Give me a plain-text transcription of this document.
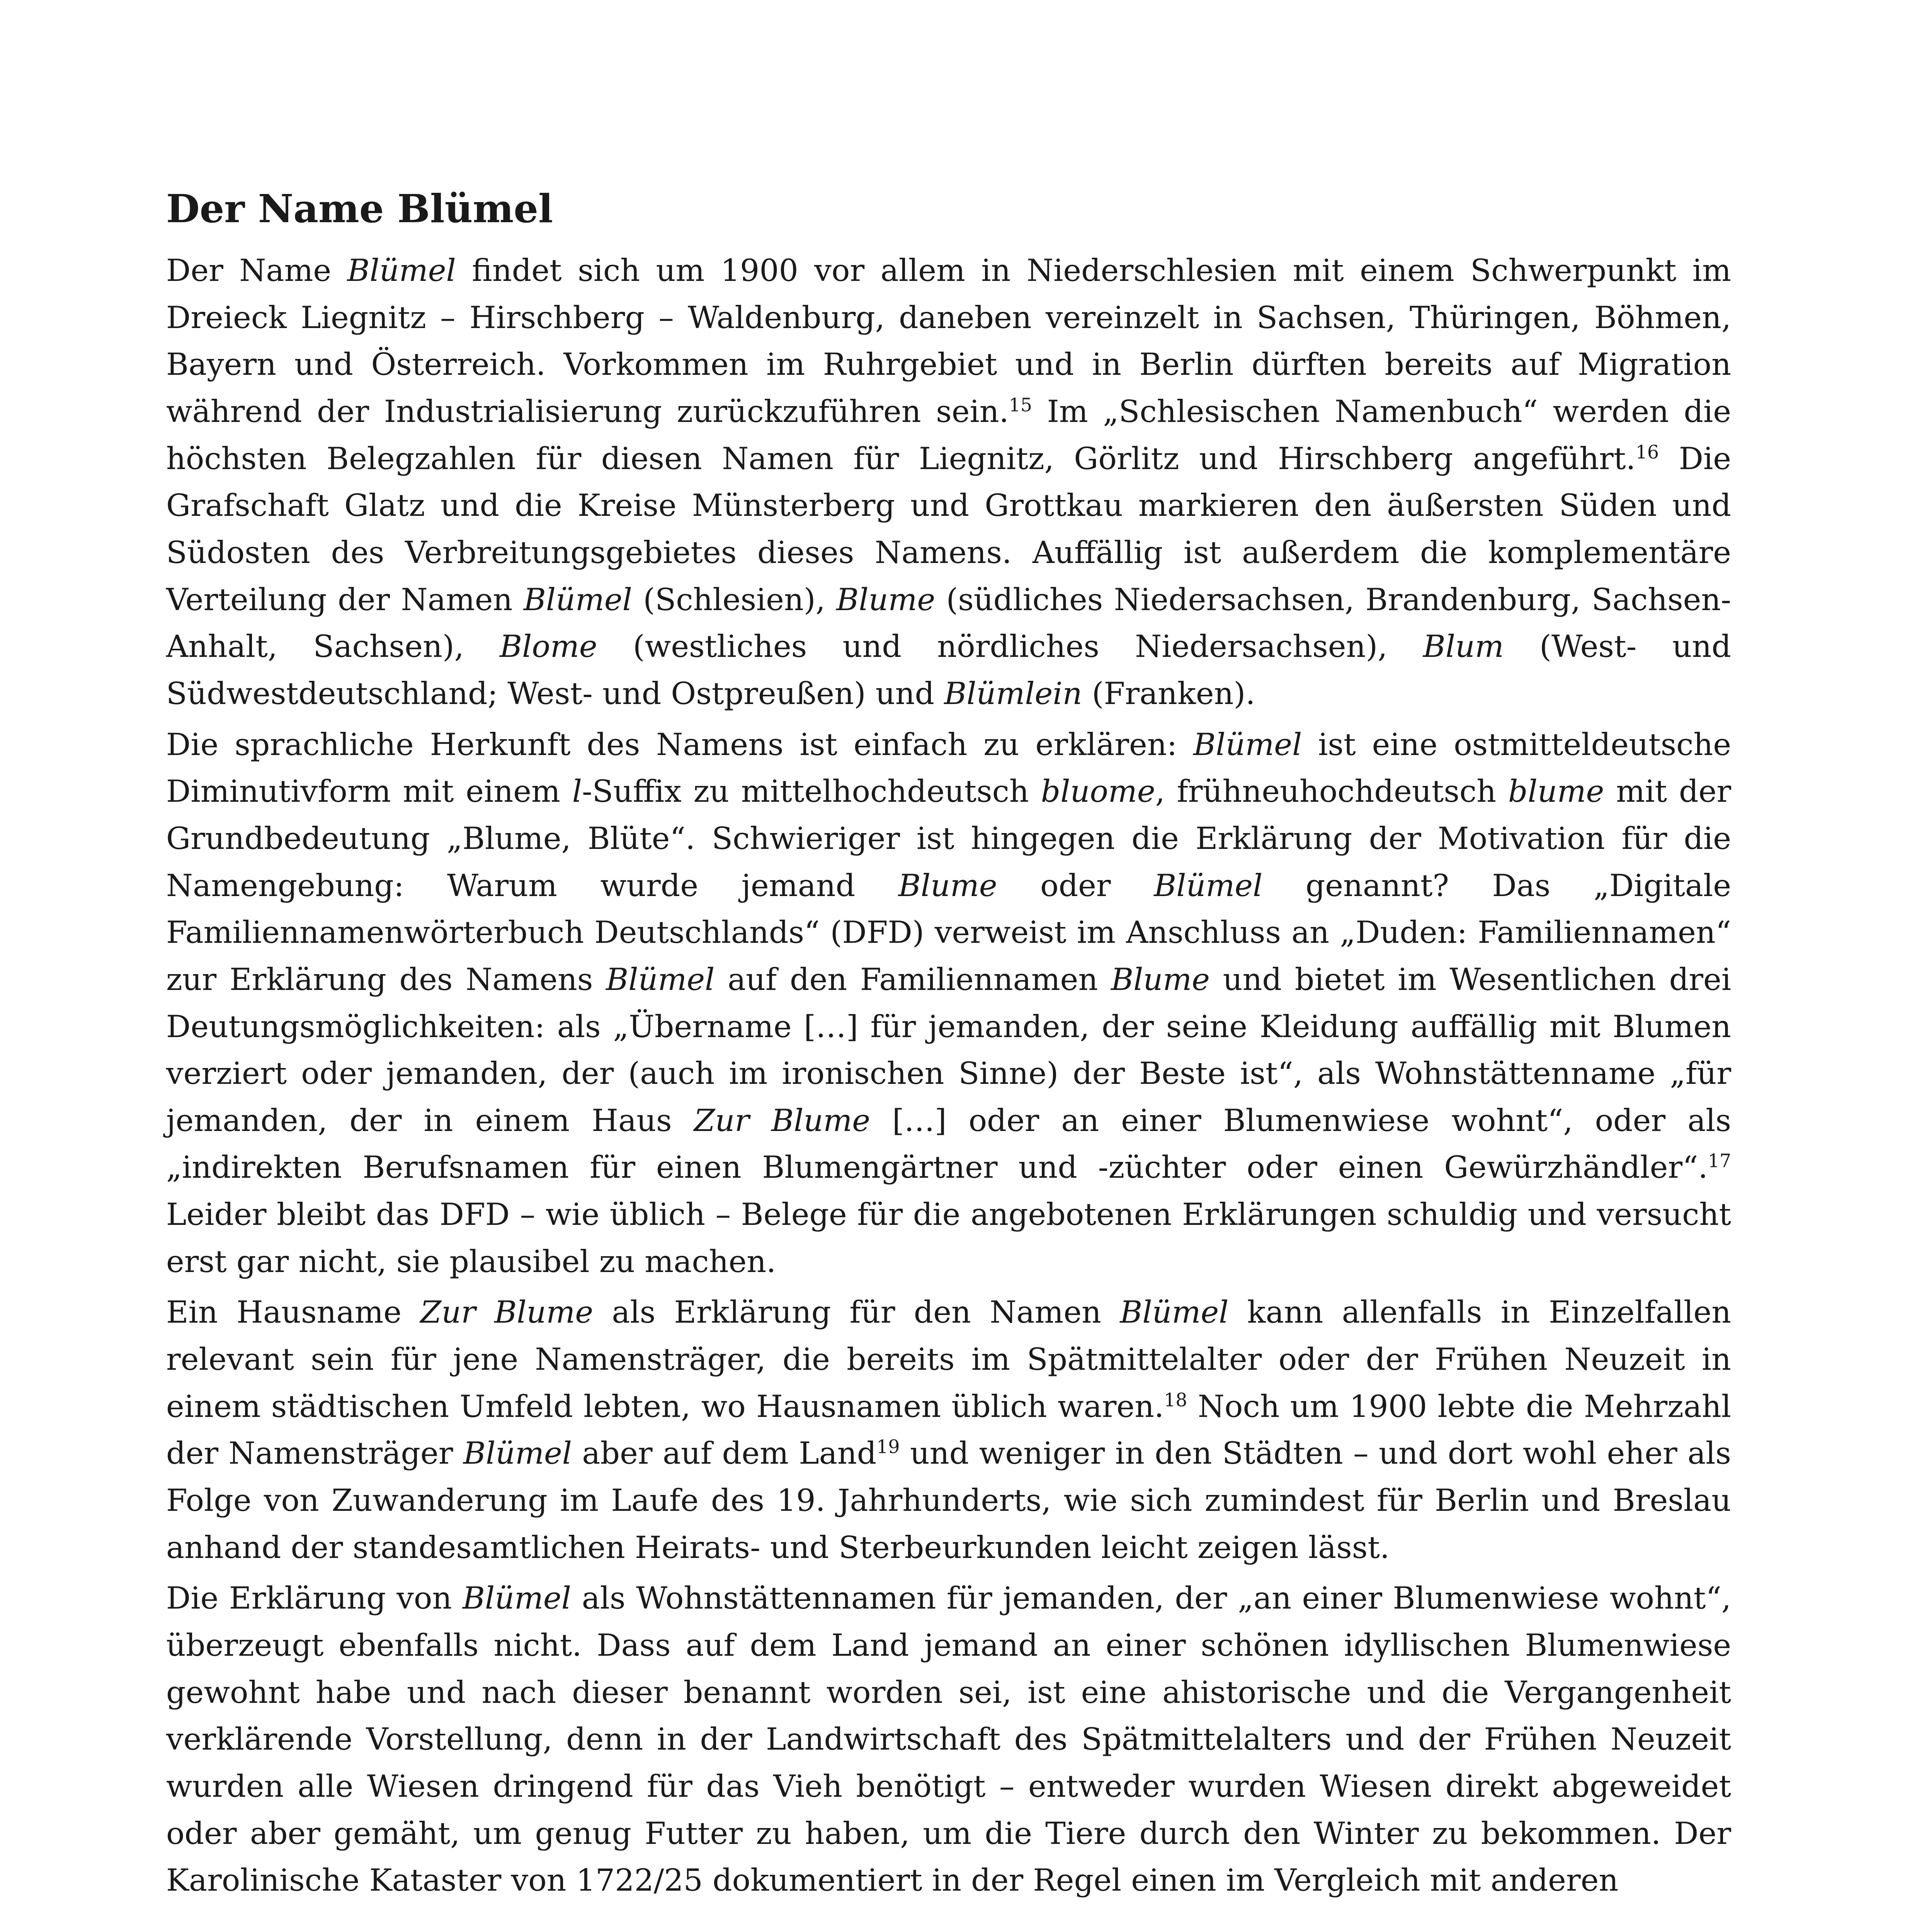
Der Name Blümel

Der Name Blümel findet sich um 1900 vor allem in Niederschlesien mit einem Schwerpunkt im Dreieck Liegnitz – Hirschberg – Waldenburg, daneben vereinzelt in Sachsen, Thüringen, Böhmen, Bayern und Österreich. Vorkommen im Ruhrgebiet und in Berlin dürften bereits auf Migration während der Industrialisierung zurückzuführen sein.$^{15}$ Im „Schlesischen Namenbuch“ werden die höchsten Belegzahlen für diesen Namen für Liegnitz, Görlitz und Hirschberg angeführt.$^{16}$ Die Grafschaft Glatz und die Kreise Münsterberg und Grottkau markieren den äußersten Süden und Südosten des Verbreitungsgebietes dieses Namens. Auffällig ist außerdem die komplementäre Verteilung der Namen Blümel (Schlesien), Blume (südliches Niedersachsen, Brandenburg, Sachsen-Anhalt, Sachsen), Blome (westliches und nördliches Niedersachsen), Blum (West- und Südwestdeutschland; West- und Ostpreußen) und Blümlein (Franken).

Die sprachliche Herkunft des Namens ist einfach zu erklären: Blümel ist eine ostmitteldeutsche Diminutivform mit einem l-Suffix zu mittelhochdeutsch bluome, frühneuhochdeutsch blume mit der Grundbedeutung „Blume, Blüte“. Schwieriger ist hingegen die Erklärung der Motivation für die Namengebung: Warum wurde jemand Blume oder Blümel genannt? Das „Digitale Familiennamenwörterbuch Deutschlands“ (DFD) verweist im Anschluss an „Duden: Familiennamen“ zur Erklärung des Namens Blümel auf den Familiennamen Blume und bietet im Wesentlichen drei Deutungsmöglichkeiten: als „Übername […] für jemanden, der seine Kleidung auffällig mit Blumen verziert oder jemanden, der (auch im ironischen Sinne) der Beste ist“, als Wohnstättenname „für jemanden, der in einem Haus Zur Blume […] oder an einer Blumenwiese wohnt“, oder als „indirekten Berufsnamen für einen Blumengärtner und -züchter oder einen Gewürzhändler“.$^{17}$ Leider bleibt das DFD – wie üblich – Belege für die angebotenen Erklärungen schuldig und versucht erst gar nicht, sie plausibel zu machen.

Ein Hausname Zur Blume als Erklärung für den Namen Blümel kann allenfalls in Einzelfallen relevant sein für jene Namensträger, die bereits im Spätmittelalter oder der Frühen Neuzeit in einem städtischen Umfeld lebten, wo Hausnamen üblich waren.$^{18}$ Noch um 1900 lebte die Mehrzahl der Namensträger Blümel aber auf dem Land$^{19}$ und weniger in den Städten – und dort wohl eher als Folge von Zuwanderung im Laufe des 19. Jahrhunderts, wie sich zumindest für Berlin und Breslau anhand der standesamtlichen Heirats- und Sterbeurkunden leicht zeigen lässt.

Die Erklärung von Blümel als Wohnstättennamen für jemanden, der „an einer Blumenwiese wohnt“, überzeugt ebenfalls nicht. Dass auf dem Land jemand an einer schönen idyllischen Blumenwiese gewohnt habe und nach dieser benannt worden sei, ist eine ahistorische und die Vergangenheit verklärende Vorstellung, denn in der Landwirtschaft des Spätmittelalters und der Frühen Neuzeit wurden alle Wiesen dringend für das Vieh benötigt – entweder wurden Wiesen direkt abgeweidet oder aber gemäht, um genug Futter zu haben, um die Tiere durch den Winter zu bekommen. Der Karolinische Kataster von 1722/25 dokumentiert in der Regel einen im Vergleich mit anderen
